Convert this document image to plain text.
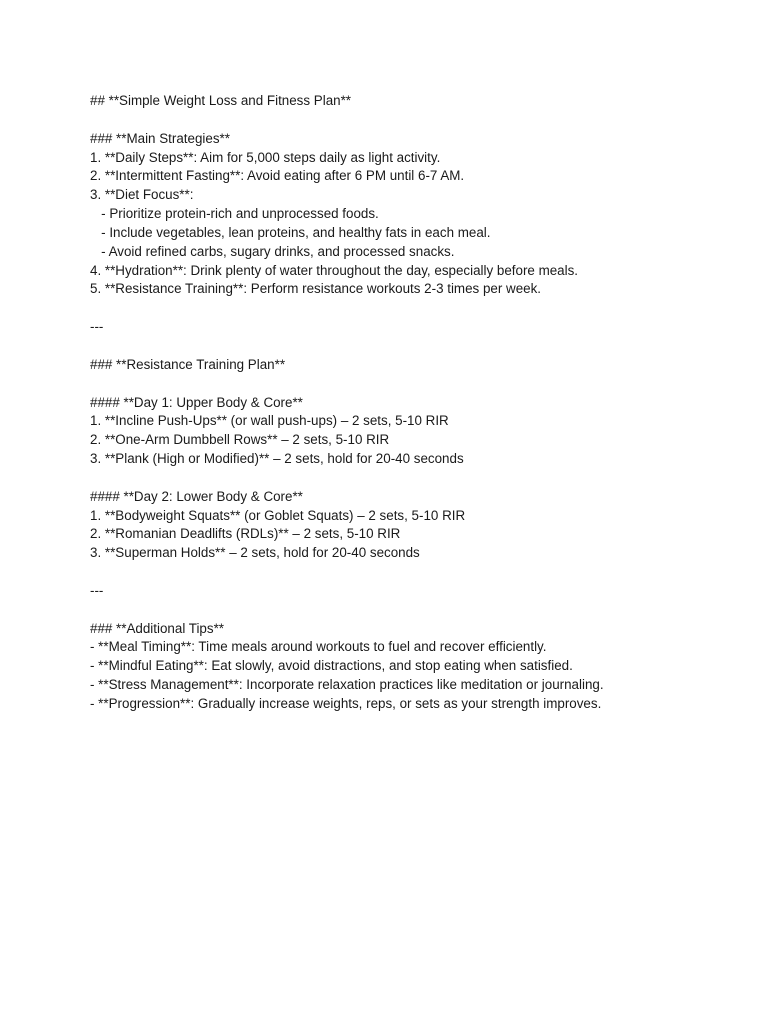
## **Simple Weight Loss and Fitness Plan**
### **Main Strategies**
1. **Daily Steps**: Aim for 5,000 steps daily as light activity.
2. **Intermittent Fasting**: Avoid eating after 6 PM until 6-7 AM.
3. **Diet Focus**:
- Prioritize protein-rich and unprocessed foods.
- Include vegetables, lean proteins, and healthy fats in each meal.
- Avoid refined carbs, sugary drinks, and processed snacks.
4. **Hydration**: Drink plenty of water throughout the day, especially before meals.
5. **Resistance Training**: Perform resistance workouts 2-3 times per week.
---
### **Resistance Training Plan**
#### **Day 1: Upper Body & Core**
1. **Incline Push-Ups** (or wall push-ups) – 2 sets, 5-10 RIR
2. **One-Arm Dumbbell Rows** – 2 sets, 5-10 RIR
3. **Plank (High or Modified)** – 2 sets, hold for 20-40 seconds
#### **Day 2: Lower Body & Core**
1. **Bodyweight Squats** (or Goblet Squats) – 2 sets, 5-10 RIR
2. **Romanian Deadlifts (RDLs)** – 2 sets, 5-10 RIR
3. **Superman Holds** – 2 sets, hold for 20-40 seconds
---
### **Additional Tips**
- **Meal Timing**: Time meals around workouts to fuel and recover efficiently.
- **Mindful Eating**: Eat slowly, avoid distractions, and stop eating when satisfied.
- **Stress Management**: Incorporate relaxation practices like meditation or journaling.
- **Progression**: Gradually increase weights, reps, or sets as your strength improves.
